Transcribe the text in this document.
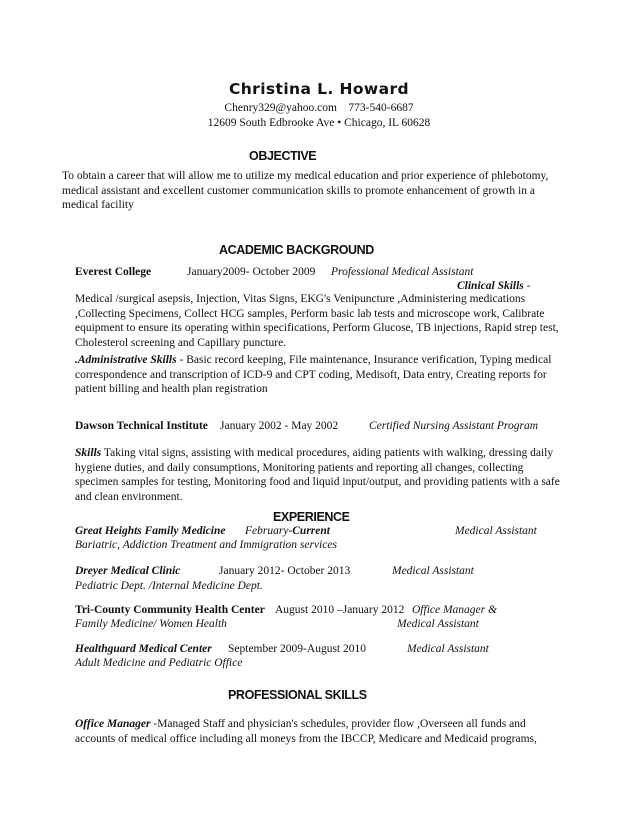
Christina L. Howard
Chenry329@yahoo.com 773-540-6687
12609 South Edbrooke Ave • Chicago, IL 60628
OBJECTIVE
To obtain a career that will allow me to utilize my medical education and prior experience of phlebotomy, medical assistant and excellent customer communication skills to promote enhancement of growth in a medical facility
ACADEMIC BACKGROUND
Everest College	January2009- October 2009 Professional Medical Assistant
Clinical Skills -
Medical /surgical asepsis, Injection, Vitas Signs, EKG's Venipuncture ,Administering medications ,Collecting Specimens, Collect HCG samples, Perform basic lab tests and microscope work, Calibrate equipment to ensure its operating within specifications, Perform Glucose, TB injections, Rapid strep test, Cholesterol screening and Capillary puncture.
.Administrative Skills - Basic record keeping, File maintenance, Insurance verification, Typing medical correspondence and transcription of ICD-9 and CPT coding, Medisoft, Data entry, Creating reports for patient billing and health plan registration
Dawson Technical Institute January 2002 - May 2002	Certified Nursing Assistant Program
Skills Taking vital signs, assisting with medical procedures, aiding patients with walking, dressing daily hygiene duties, and daily consumptions, Monitoring patients and reporting all changes, collecting specimen samples for testing, Monitoring food and liquid input/output, and providing patients with a safe and clean environment.
EXPERIENCE
Great Heights Family Medicine February-Current	Medical Assistant
Bariatric, Addiction Treatment and Immigration services
Dreyer Medical Clinic	January 2012- October 2013	Medical Assistant
Pediatric Dept. /Internal Medicine Dept.
Tri-County Community Health Center August 2010 –January 2012 Office Manager &
Family Medicine/ Women Health	Medical Assistant
Healthguard Medical Center September 2009-August 2010	Medical Assistant
Adult Medicine and Pediatric Office
PROFESSIONAL SKILLS
Office Manager -Managed Staff and physician's schedules, provider flow ,Overseen all funds and accounts of medical office including all moneys from the IBCCP, Medicare and Medicaid programs,
